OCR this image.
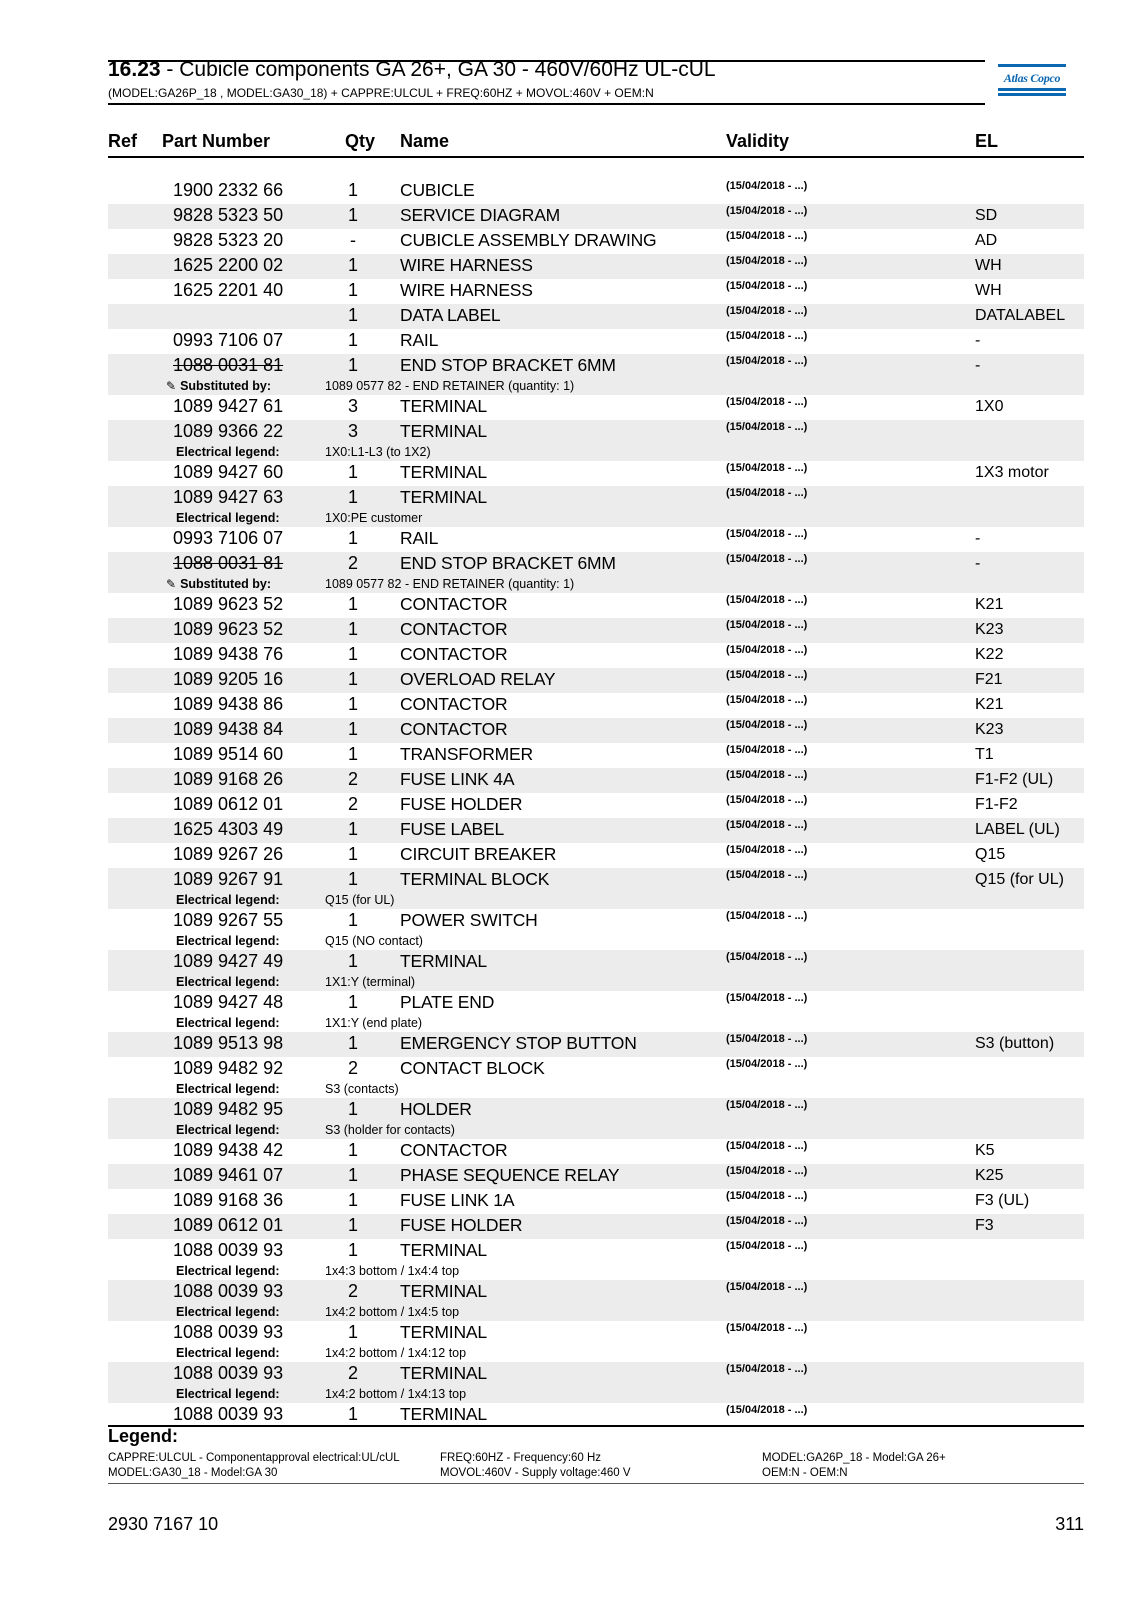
16.23 - Cubicle components GA 26+, GA 30 - 460V/60Hz UL-cUL
(MODEL:GA26P_18 , MODEL:GA30_18) + CAPPRE:ULCUL + FREQ:60HZ + MOVOL:460V + OEM:N
Atlas Copco
Ref Part Number	Qty Name	Validity	EL
1900 2332 66	1 CUBICLE	(15/04/2018 - ...)
9828 5323 50	1 SERVICE DIAGRAM	(15/04/2018 - ...)	SD
9828 5323 20	-	CUBICLE ASSEMBLY DRAWING	(15/04/2018 - ...)	AD
1625 2200 02	1 WIRE HARNESS	(15/04/2018 - ...)	WH
1625 2201 40	1 WIRE HARNESS	(15/04/2018 - ...)	WH
1 DATA LABEL	(15/04/2018 - ...)	DATALABEL
0993 7106 07	1 RAIL	(15/04/2018 - ...)	-
1088 0031 81	1 END STOP BRACKET 6MM	(15/04/2018 - ...)	-
✎ Substituted by:	1089 0577 82 - END RETAINER (quantity: 1)
1089 9427 61	3 TERMINAL	(15/04/2018 - ...)	1X0
1089 9366 22	3 TERMINAL	(15/04/2018 - ...)
Electrical legend:	1X0:L1-L3 (to 1X2)
1089 9427 60	1 TERMINAL	(15/04/2018 - ...)	1X3 motor
1089 9427 63	1 TERMINAL	(15/04/2018 - ...)
Electrical legend:	1X0:PE customer
0993 7106 07	1 RAIL	(15/04/2018 - ...)	-
1088 0031 81	2 END STOP BRACKET 6MM	(15/04/2018 - ...)	-
✎ Substituted by:	1089 0577 82 - END RETAINER (quantity: 1)
1089 9623 52	1 CONTACTOR	(15/04/2018 - ...)	K21
1089 9623 52	1 CONTACTOR	(15/04/2018 - ...)	K23
1089 9438 76	1 CONTACTOR	(15/04/2018 - ...)	K22
1089 9205 16	1 OVERLOAD RELAY	(15/04/2018 - ...)	F21
1089 9438 86	1 CONTACTOR	(15/04/2018 - ...)	K21
1089 9438 84	1 CONTACTOR	(15/04/2018 - ...)	K23
1089 9514 60	1 TRANSFORMER	(15/04/2018 - ...)	T1
1089 9168 26	2 FUSE LINK 4A	(15/04/2018 - ...)	F1-F2 (UL)
1089 0612 01	2 FUSE HOLDER	(15/04/2018 - ...)	F1-F2
1625 4303 49	1 FUSE LABEL	(15/04/2018 - ...)	LABEL (UL)
1089 9267 26	1 CIRCUIT BREAKER	(15/04/2018 - ...)	Q15
1089 9267 91	1 TERMINAL BLOCK	(15/04/2018 - ...)	Q15 (for UL)
Electrical legend:	Q15 (for UL)
1089 9267 55	1 POWER SWITCH	(15/04/2018 - ...)
Electrical legend:	Q15 (NO contact)
1089 9427 49	1 TERMINAL	(15/04/2018 - ...)
Electrical legend:	1X1:Y (terminal)
1089 9427 48	1 PLATE END	(15/04/2018 - ...)
Electrical legend:	1X1:Y (end plate)
1089 9513 98	1 EMERGENCY STOP BUTTON	(15/04/2018 - ...)	S3 (button)
1089 9482 92	2 CONTACT BLOCK	(15/04/2018 - ...)
Electrical legend:	S3 (contacts)
1089 9482 95	1 HOLDER	(15/04/2018 - ...)
Electrical legend:	S3 (holder for contacts)
1089 9438 42	1 CONTACTOR	(15/04/2018 - ...)	K5
1089 9461 07	1 PHASE SEQUENCE RELAY	(15/04/2018 - ...)	K25
1089 9168 36	1 FUSE LINK 1A	(15/04/2018 - ...)	F3 (UL)
1089 0612 01	1 FUSE HOLDER	(15/04/2018 - ...)	F3
1088 0039 93	1 TERMINAL	(15/04/2018 - ...)
Electrical legend:	1x4:3 bottom / 1x4:4 top
1088 0039 93	2 TERMINAL	(15/04/2018 - ...)
Electrical legend:	1x4:2 bottom / 1x4:5 top
1088 0039 93	1 TERMINAL	(15/04/2018 - ...)
Electrical legend:	1x4:2 bottom / 1x4:12 top
1088 0039 93	2 TERMINAL	(15/04/2018 - ...)
Electrical legend:	1x4:2 bottom / 1x4:13 top
1088 0039 93	1 TERMINAL	(15/04/2018 - ...)
Legend:
CAPPRE:ULCUL - Componentapproval electrical:UL/cUL
MODEL:GA30_18 - Model:GA 30
FREQ:60HZ - Frequency:60 Hz
MOVOL:460V - Supply voltage:460 V
MODEL:GA26P_18 - Model:GA 26+
OEM:N - OEM:N
2930 7167 10	311
